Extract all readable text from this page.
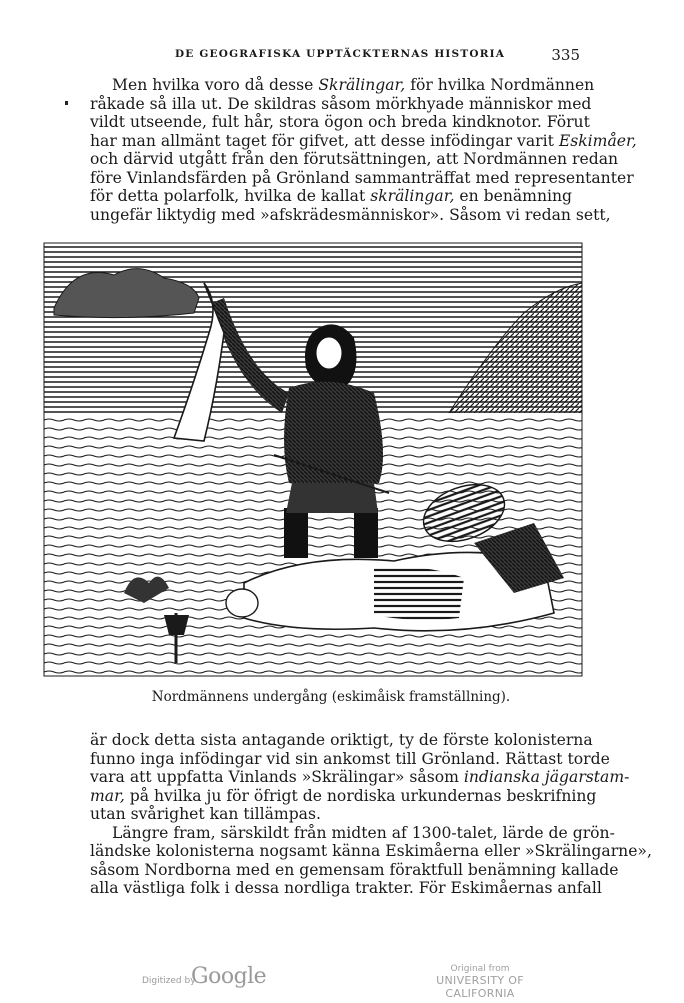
DE GEOGRAFISKA UPPTÄCKTERNAS HISTORIA	335
Men hvilka voro då desse Skrälingar, för hvilka Nordmännen
råkade så illa ut. De skildras såsom mörkhyade människor med
vildt utseende, fult hår, stora ögon och breda kindknotor. Förut
har man allmänt taget för gifvet, att desse infödingar varit Eskimåer,
och därvid utgått från den förutsättningen, att Nordmännen redan
före Vinlandsfärden på Grönland sammanträffat med representanter
för detta polarfolk, hvilka de kallat skrälingar, en benämning
ungefär liktydig med »afskrädesmänniskor». Såsom vi redan sett,
Nordmännens undergång (eskimåisk framställning).
är dock detta sista antagande oriktigt, ty de förste kolonisterna
funno inga infödingar vid sin ankomst till Grönland. Rättast torde
vara att uppfatta Vinlands »Skrälingar» såsom indianska jägarstam-
mar, på hvilka ju för öfrigt de nordiska urkundernas beskrifning
utan svårighet kan tillämpas.
Längre fram, särskildt från midten af 1300-talet, lärde de grön-
ländske kolonisterna nogsamt känna Eskimåerna eller »Skrälingarne»,
såsom Nordborna med en gemensam föraktfull benämning kallade
alla västliga folk i dessa nordliga trakter. För Eskimåernas anfall
Digitized by
Google	Original from
UNIVERSITY OF CALIFORNIA
